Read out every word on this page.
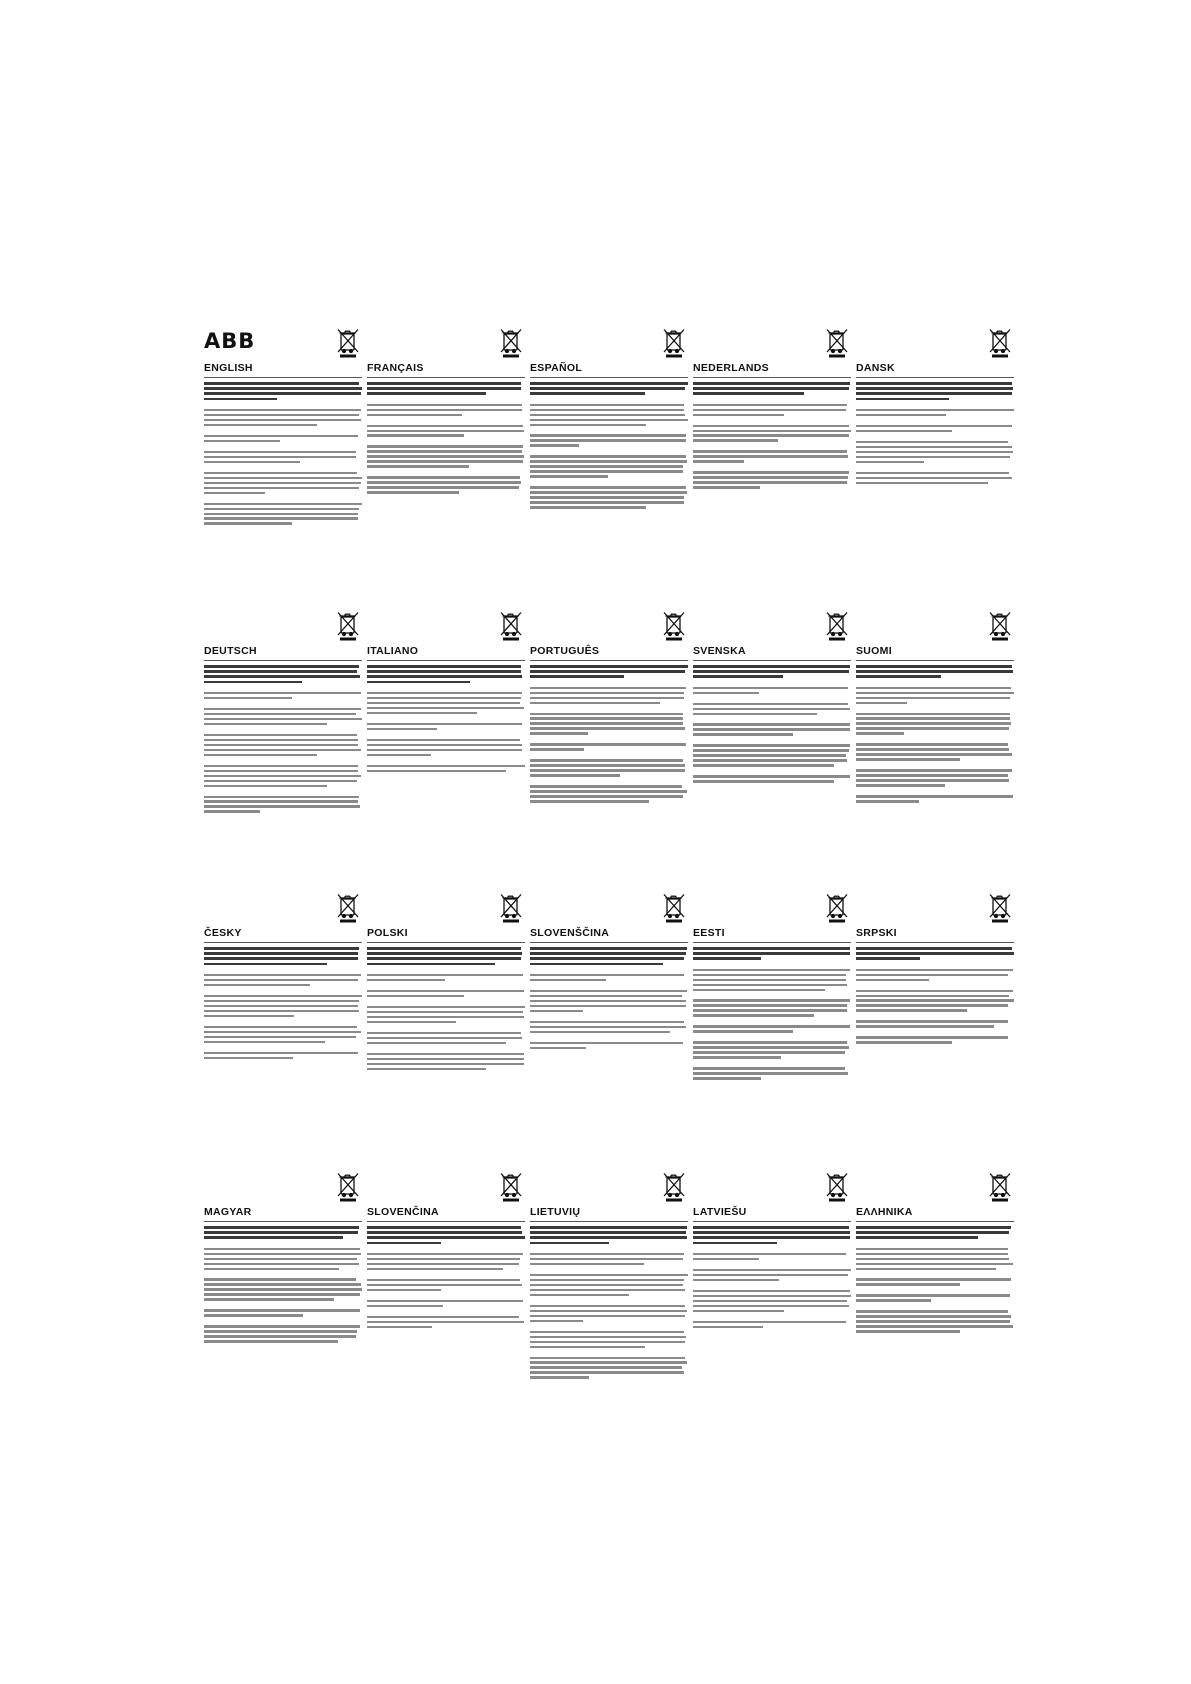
ABB
ENGLISH	FRANÇAIS	ESPAÑOL	NEDERLANDS	DANSK
DEUTSCH	ITALIANO	PORTUGUÊS	SVENSKA	SUOMI
ČESKY	POLSKI	SLOVENŠČINA	EESTI	SRPSKI
MAGYAR	SLOVENČINA	LIETUVIŲ	LATVIEŠU	ΕΛΛΗΝΙΚΑ
